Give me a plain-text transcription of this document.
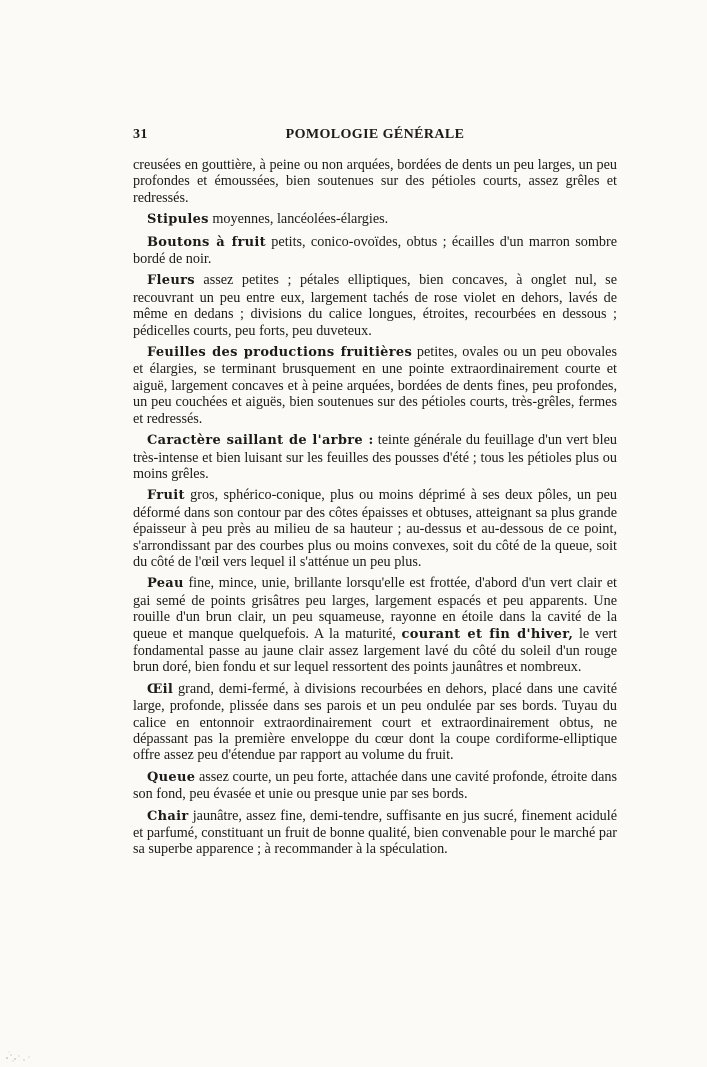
31	POMOLOGIE GÉNÉRALE

creusées en gouttière, à peine ou non arquées, bordées de dents un peu larges, un peu profondes et émoussées, bien soutenues sur des pétioles courts, assez grêles et redressés.

Stipules moyennes, lancéolées-élargies.

Boutons à fruit petits, conico-ovoïdes, obtus ; écailles d'un marron sombre bordé de noir.

Fleurs assez petites ; pétales elliptiques, bien concaves, à onglet nul, se recouvrant un peu entre eux, largement tachés de rose violet en dehors, lavés de même en dedans ; divisions du calice longues, étroites, recourbées en dessous ; pédicelles courts, peu forts, peu duveteux.

Feuilles des productions fruitières petites, ovales ou un peu obovales et élargies, se terminant brusquement en une pointe extraordinairement courte et aiguë, largement concaves et à peine arquées, bordées de dents fines, peu profondes, un peu couchées et aiguës, bien soutenues sur des pétioles courts, très-grêles, fermes et redressés.

Caractère saillant de l'arbre : teinte générale du feuillage d'un vert bleu très-intense et bien luisant sur les feuilles des pousses d'été ; tous les pétioles plus ou moins grêles.

Fruit gros, sphérico-conique, plus ou moins déprimé à ses deux pôles, un peu déformé dans son contour par des côtes épaisses et obtuses, atteignant sa plus grande épaisseur à peu près au milieu de sa hauteur ; au-dessus et au-dessous de ce point, s'arrondissant par des courbes plus ou moins convexes, soit du côté de la queue, soit du côté de l'œil vers lequel il s'atténue un peu plus.

Peau fine, mince, unie, brillante lorsqu'elle est frottée, d'abord d'un vert clair et gai semé de points grisâtres peu larges, largement espacés et peu apparents. Une rouille d'un brun clair, un peu squameuse, rayonne en étoile dans la cavité de la queue et manque quelquefois. A la maturité, courant et fin d'hiver, le vert fondamental passe au jaune clair assez largement lavé du côté du soleil d'un rouge brun doré, bien fondu et sur lequel ressortent des points jaunâtres et nombreux.

Œil grand, demi-fermé, à divisions recourbées en dehors, placé dans une cavité large, profonde, plissée dans ses parois et un peu ondulée par ses bords. Tuyau du calice en entonnoir extraordinairement court et extraordinairement obtus, ne dépassant pas la première enveloppe du cœur dont la coupe cordiforme-elliptique offre assez peu d'étendue par rapport au volume du fruit.

Queue assez courte, un peu forte, attachée dans une cavité profonde, étroite dans son fond, peu évasée et unie ou presque unie par ses bords.

Chair jaunâtre, assez fine, demi-tendre, suffisante en jus sucré, finement acidulé et parfumé, constituant un fruit de bonne qualité, bien convenable pour le marché par sa superbe apparence ; à recommander à la spéculation.
